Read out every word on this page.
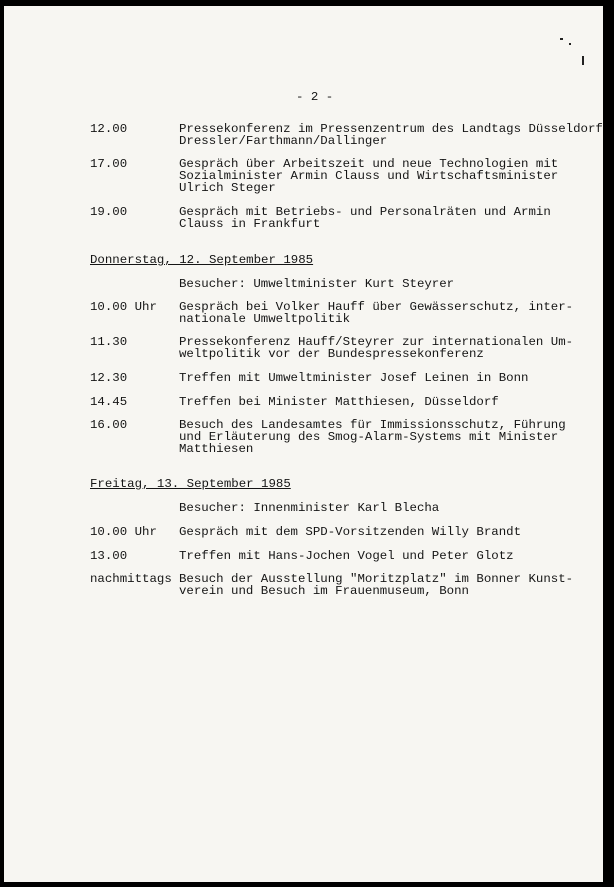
- 2 -
12.00	Pressekonferenz im Pressenzentrum des Landtags Düsseldorf
Dressler/Farthmann/Dallinger
17.00	Gespräch über Arbeitszeit und neue Technologien mit
Sozialminister Armin Clauss und Wirtschaftsminister
Ulrich Steger
19.00	Gespräch mit Betriebs- und Personalräten und Armin
Clauss in Frankfurt
Donnerstag, 12. September 1985
Besucher: Umweltminister Kurt Steyrer
10.00 Uhr Gespräch bei Volker Hauff über Gewässerschutz, inter-
nationale Umweltpolitik
11.30	Pressekonferenz Hauff/Steyrer zur internationalen Um-
weltpolitik vor der Bundespressekonferenz
12.30	Treffen mit Umweltminister Josef Leinen in Bonn
14.45	Treffen bei Minister Matthiesen, Düsseldorf
16.00	Besuch des Landesamtes für Immissionsschutz, Führung
und Erläuterung des Smog-Alarm-Systems mit Minister
Matthiesen
Freitag, 13. September 1985
Besucher: Innenminister Karl Blecha
10.00 Uhr Gespräch mit dem SPD-Vorsitzenden Willy Brandt
13.00	Treffen mit Hans-Jochen Vogel und Peter Glotz
nachmittags Besuch der Ausstellung "Moritzplatz" im Bonner Kunst-
verein und Besuch im Frauenmuseum, Bonn
